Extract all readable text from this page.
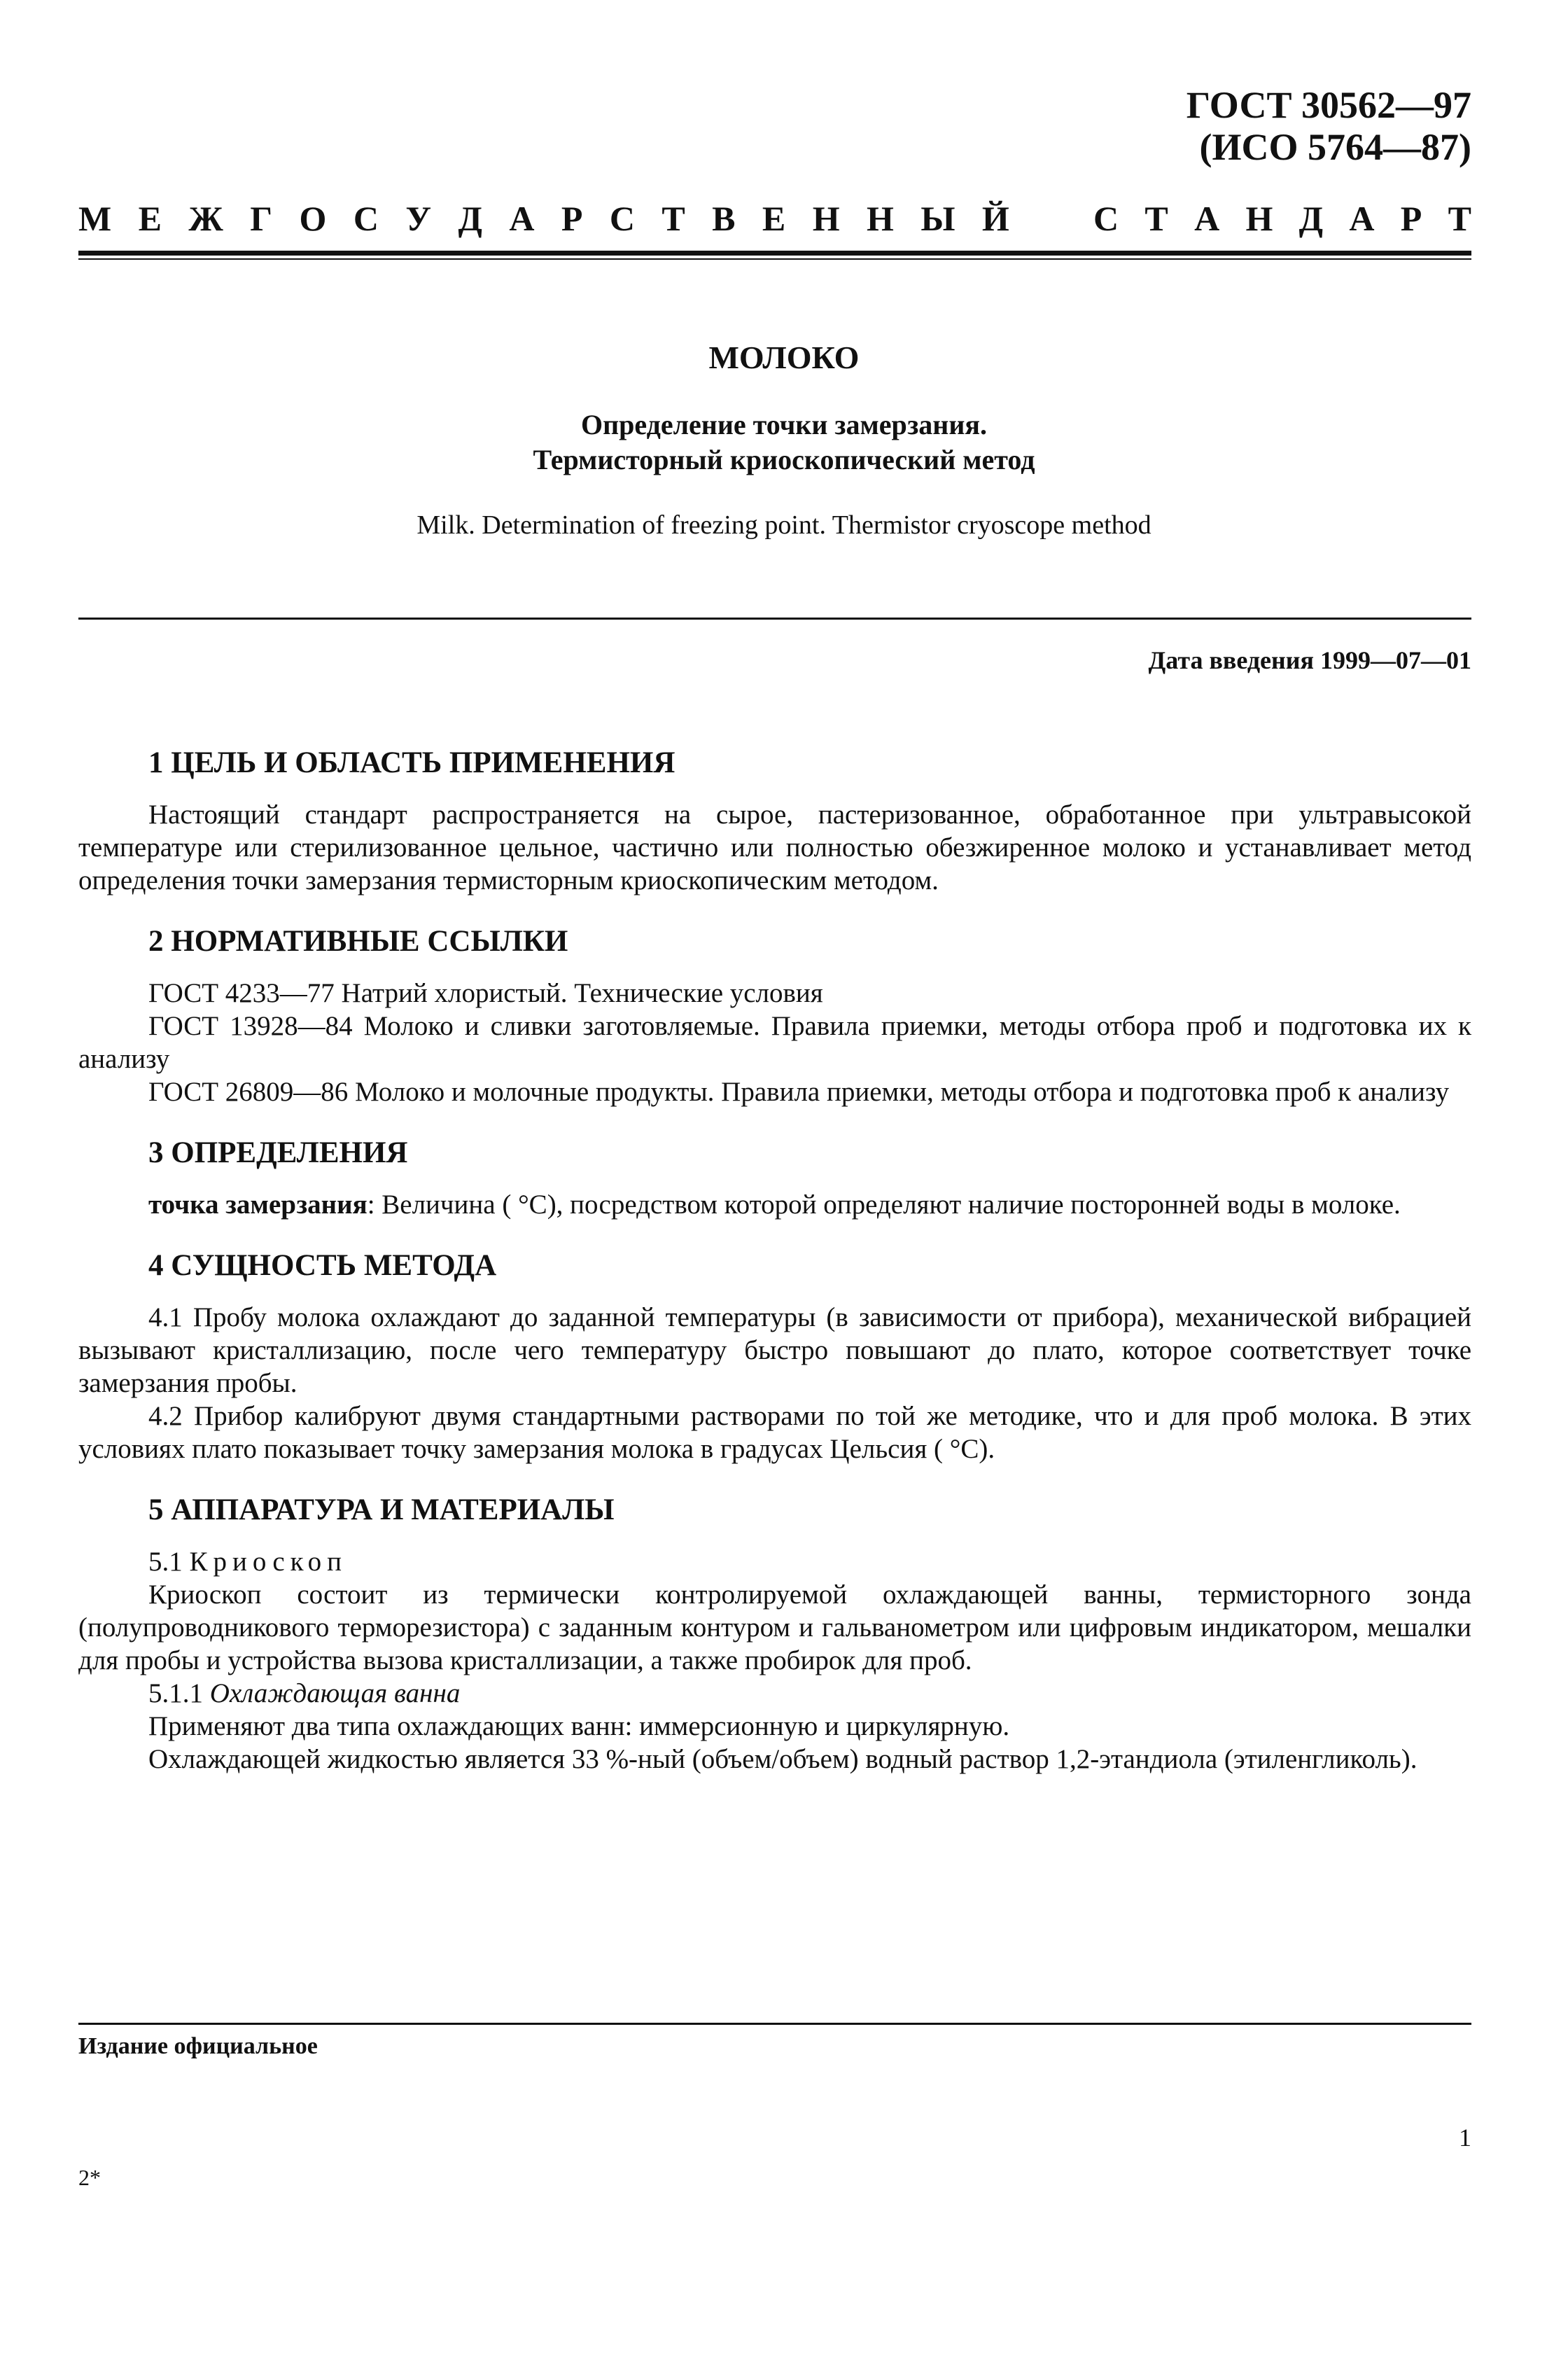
ГОСТ 30562—97
(ИСО 5764—87)
М Е Ж Г О С У Д А Р С Т В Е Н Н Ы Й С Т А Н Д А Р Т
МОЛОКО
Определение точки замерзания.
Термисторный криоскопический метод
Milk. Determination of freezing point. Thermistor cryoscope method
Дата введения 1999—07—01
1 ЦЕЛЬ И ОБЛАСТЬ ПРИМЕНЕНИЯ

Настоящий стандарт распространяется на сырое, пастеризованное, обработанное при ультравысокой температуре или стерилизованное цельное, частично или полностью обезжиренное молоко и устанавливает метод определения точки замерзания термисторным криоскопическим методом.

2 НОРМАТИВНЫЕ ССЫЛКИ

ГОСТ 4233—77 Натрий хлористый. Технические условия

ГОСТ 13928—84 Молоко и сливки заготовляемые. Правила приемки, методы отбора проб и подготовка их к анализу

ГОСТ 26809—86 Молоко и молочные продукты. Правила приемки, методы отбора и подготовка проб к анализу

3 ОПРЕДЕЛЕНИЯ

точка замерзания: Величина ( °С), посредством которой определяют наличие посторонней воды в молоке.

4 СУЩНОСТЬ МЕТОДА

4.1 Пробу молока охлаждают до заданной температуры (в зависимости от прибора), механической вибрацией вызывают кристаллизацию, после чего температуру быстро повышают до плато, которое соответствует точке замерзания пробы.

4.2 Прибор калибруют двумя стандартными растворами по той же методике, что и для проб молока. В этих условиях плато показывает точку замерзания молока в градусах Цельсия ( °С).

5 АППАРАТУРА И МАТЕРИАЛЫ

5.1 Криоскоп

Криоскоп состоит из термически контролируемой охлаждающей ванны, термисторного зонда (полупроводникового терморезистора) с заданным контуром и гальванометром или цифровым индикатором, мешалки для пробы и устройства вызова кристаллизации, а также пробирок для проб.

5.1.1 Охлаждающая ванна

Применяют два типа охлаждающих ванн: иммерсионную и циркулярную.

Охлаждающей жидкостью является 33 %-ный (объем/объем) водный раствор 1,2-этандиола (этиленгликоль).

Издание официальное
1
2*
